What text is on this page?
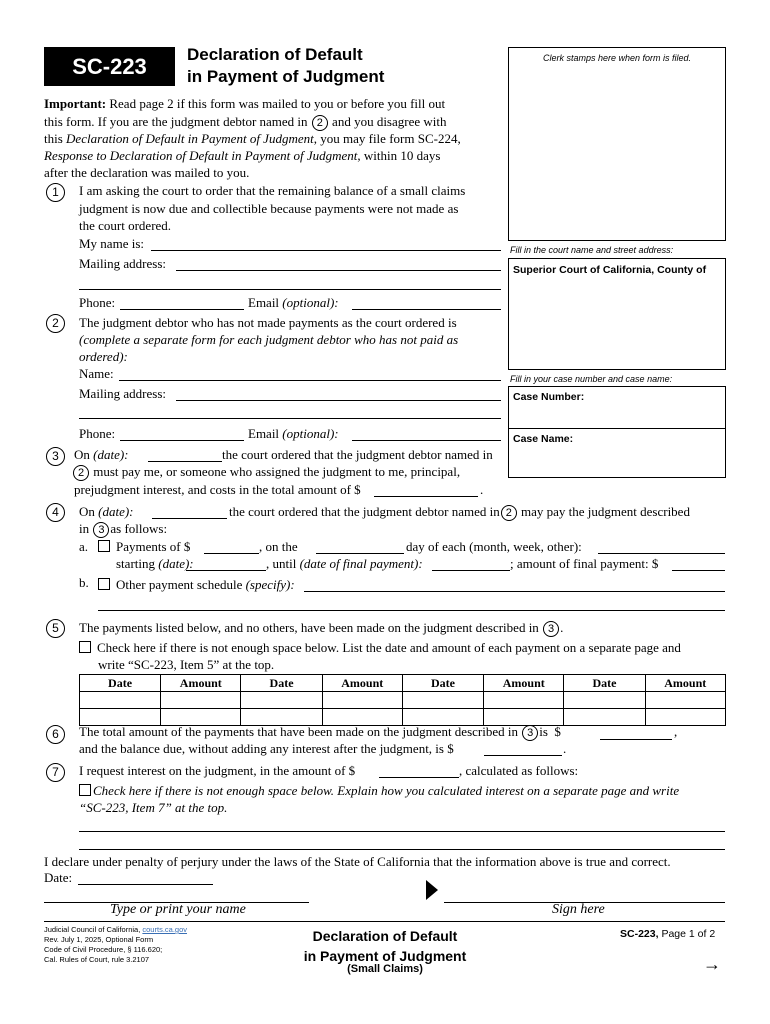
SC-223	Declaration of Default
in Payment of Judgment
Clerk stamps here when form is filed.
Fill in the court name and street address:
Superior Court of California, County of
Fill in your case number and case name:
Case Number:
Case Name:
Important: Read page 2 if this form was mailed to you or before you fill out
this form. If you are the judgment debtor named in 2 and you disagree with
this Declaration of Default in Payment of Judgment, you may file form SC-224,
Response to Declaration of Default in Payment of Judgment, within 10 days
after the declaration was mailed to you.
1	I am asking the court to order that the remaining balance of a small claims
judgment is now due and collectible because payments were not made as
the court ordered.
My name is:
Mailing address:
Phone:	Email (optional):
2	The judgment debtor who has not made payments as the court ordered is
(complete a separate form for each judgment debtor who has not paid as
ordered):
Name:
Mailing address:
Phone:	Email (optional):
3	On (date):	the court ordered that the judgment debtor named in
2 must pay me, or someone who assigned the judgment to me, principal,
prejudgment interest, and costs in the total amount of $	.
4	On (date):	the court ordered that the judgment debtor named in 2 may pay the judgment described
in 3 as follows:
a.	Payments of $	, on the	day of each (month, week, other):
starting (date):	, until (date of final payment):	; amount of final payment: $
b.	Other payment schedule (specify):
5	The payments listed below, and no others, have been made on the judgment described in 3 .
Check here if there is not enough space below. List the date and amount of each payment on a separate page and
write “SC-223, Item 5” at the top.
Date	Amount	Date	Amount	Date	Amount	Date	Amount

6	The total amount of the payments that have been made on the judgment described in 3 is $	,
and the balance due, without adding any interest after the judgment, is $	.
7	I request interest on the judgment, in the amount of $	, calculated as follows:
Check here if there is not enough space below. Explain how you calculated interest on a separate page and write
“SC-223, Item 7” at the top.
I declare under penalty of perjury under the laws of the State of California that the information above is true and correct.
Date:
Type or print your name	Sign here
Judicial Council of California, courts.ca.gov
Rev. July 1, 2025, Optional Form
Code of Civil Procedure, § 116.620;
Cal. Rules of Court, rule 3.2107
Declaration of Default
in Payment of Judgment
(Small Claims)
SC-223, Page 1 of 2
→
